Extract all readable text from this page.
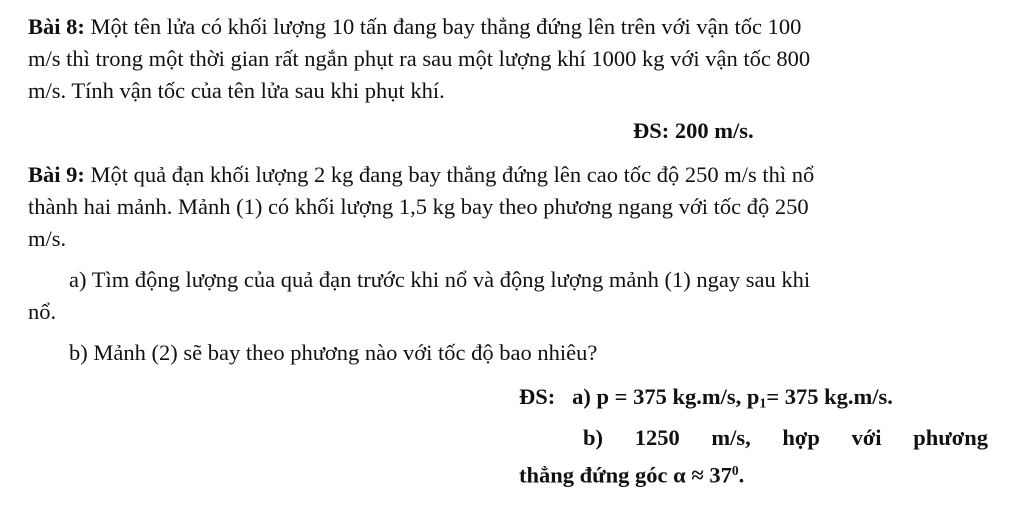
Bài 8: Một tên lửa có khối lượng 10 tấn đang bay thẳng đứng lên trên với vận tốc 100
m/s thì trong một thời gian rất ngắn phụt ra sau một lượng khí 1000 kg với vận tốc 800
m/s. Tính vận tốc của tên lửa sau khi phụt khí.
ĐS: 200 m/s.
Bài 9: Một quả đạn khối lượng 2 kg đang bay thẳng đứng lên cao tốc độ 250 m/s thì nổ
thành hai mảnh. Mảnh (1) có khối lượng 1,5 kg bay theo phương ngang với tốc độ 250
m/s.
a) Tìm động lượng của quả đạn trước khi nổ và động lượng mảnh (1) ngay sau khi
nổ.
b) Mảnh (2) sẽ bay theo phương nào với tốc độ bao nhiêu?
ĐS: a) p = 375 kg.m/s, $p_1= 375$ kg.m/s.
b) 1250 m/s, hợp với phương
thẳng đứng góc $\alpha \approx 37^0$.
